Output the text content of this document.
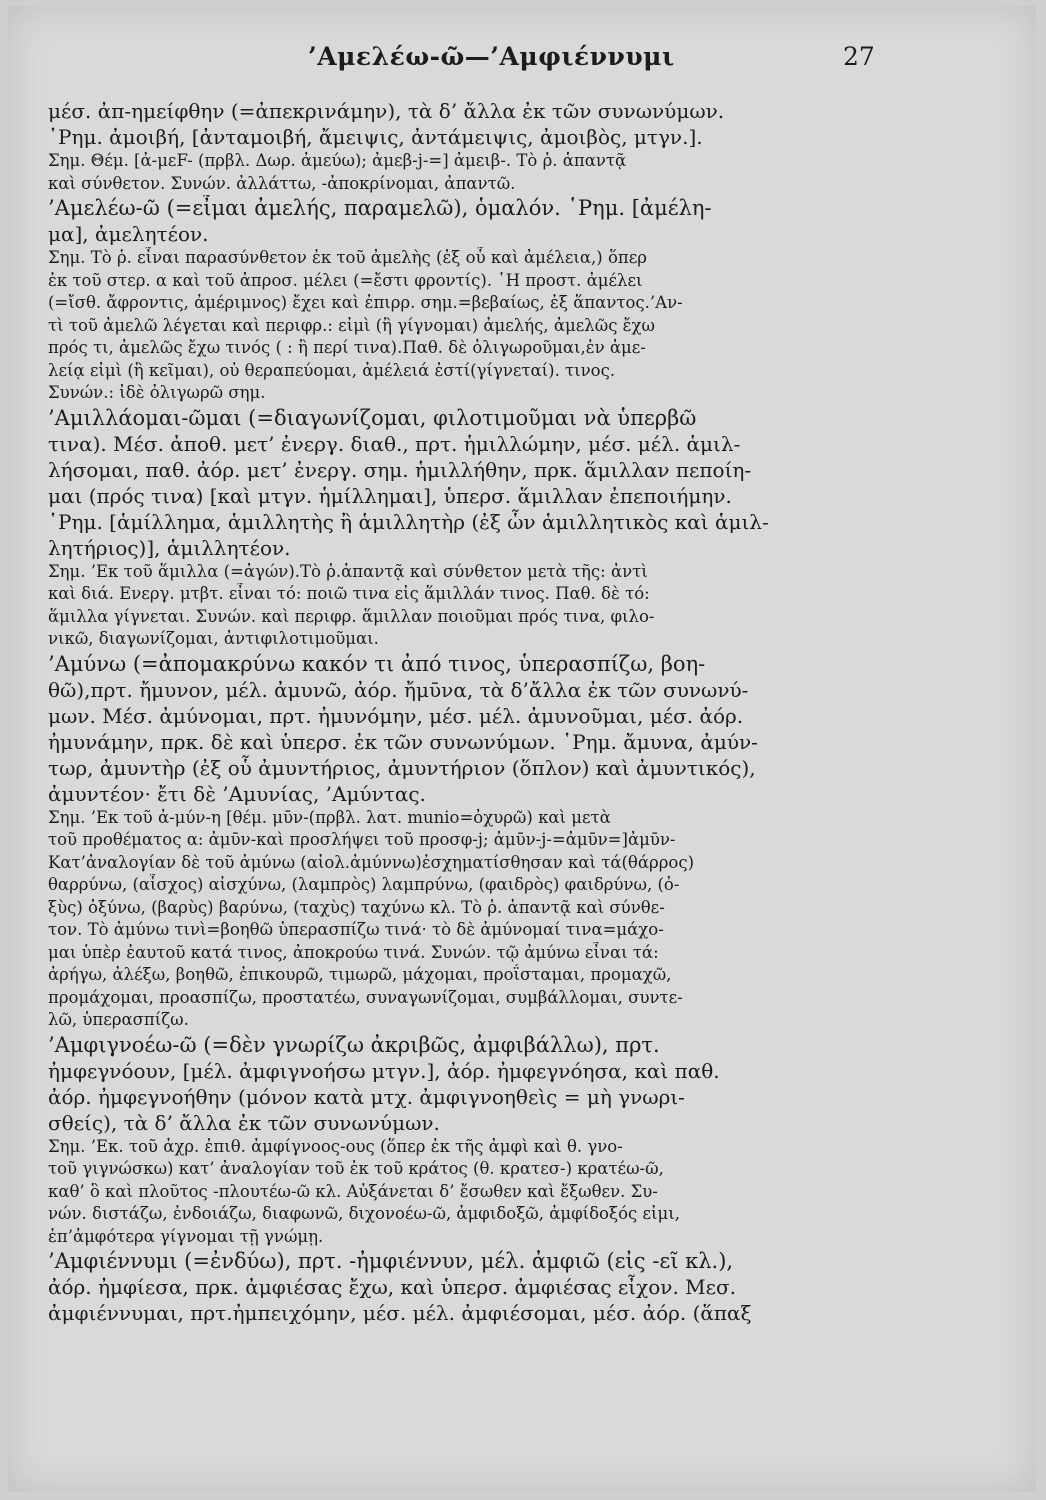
’Αμελέω-ῶ—’Αμφιέννυμι	27
μέσ. ἀπ-ημείφθην (=ἀπεκρινάμην), τὰ δ’ ἄλλα ἐκ τῶν συνωνύμων.
῾Ρημ. ἀμοιβή, [ἀνταμοιβή, ἄμειψις, ἀντάμειψις, ἀμοιβὸς, μτγν.].
Σημ. Θέμ. [ἀ-μεF- (πρβλ. Δωρ. ἀμεύω); ἀμεβ-j-=] ἀμειβ-. Τὸ ῥ. ἁπαντᾷ
καὶ σύνθετον. Συνών. ἀλλάττω, -ἀποκρίνομαι, ἀπαντῶ.
’Αμελέω-ῶ (=εἶμαι ἀμελής, παραμελῶ), ὁμαλόν. ῾Ρημ. [ἀμέλη-
μα], ἀμελητέον.
Σημ. Τὸ ῥ. εἶναι παρασύνθετον ἐκ τοῦ ἀμελὴς (ἐξ οὗ καὶ ἀμέλεια,) ὅπερ
ἐκ τοῦ στερ. α καὶ τοῦ ἀπροσ. μέλει (=ἔστι φροντίς). ῾Η προστ. ἀμέλει
(=ἴσθ. ἄφροντις, ἀμέριμνος) ἔχει καὶ ἐπιρρ. σημ.=βεβαίως, ἐξ ἅπαντος.’Αν-
τὶ τοῦ ἀμελῶ λέγεται καὶ περιφρ.: εἰμὶ (ἢ γίγνομαι) ἀμελής, ἀμελῶς ἔχω
πρός τι, ἀμελῶς ἔχω τινός ( : ἢ περί τινα).Παθ. δὲ ὀλιγωροῦμαι,ἐν ἀμε-
λείᾳ εἰμὶ (ἢ κεῖμαι), οὐ θεραπεύομαι, ἀμέλειά ἐστί(γίγνεταί). τινος.
Συνών.: ἰδὲ ὀλιγωρῶ σημ.
’Αμιλλάομαι-ῶμαι (=διαγωνίζομαι, φιλοτιμοῦμαι νὰ ὑπερβῶ
τινα). Μέσ. ἀποθ. μετ’ ἐνεργ. διαθ., πρτ. ἡμιλλώμην, μέσ. μέλ. ἁμιλ-
λήσομαι, παθ. ἀόρ. μετ’ ἐνεργ. σημ. ἡμιλλήθην, πρκ. ἅμιλλαν πεποίη-
μαι (πρός τινα) [καὶ μτγν. ἡμίλλημαι], ὑπερσ. ἅμιλλαν ἐπεποιήμην.
῾Ρημ. [ἁμίλλημα, ἁμιλλητὴς ἢ ἁμιλλητὴρ (ἐξ ὧν ἁμιλλητικὸς καὶ ἁμιλ-
λητήριος)], ἁμιλλητέον.
Σημ. ’Εκ τοῦ ἅμιλλα (=ἀγών).Τὸ ῥ.ἁπαντᾷ καὶ σύνθετον μετὰ τῆς: ἀντὶ
καὶ διά. Ενεργ. μτβτ. εἶναι τό: ποιῶ τινα εἰς ἅμιλλάν τινος. Παθ. δὲ τό:
ἅμιλλα γίγνεται. Συνών. καὶ περιφρ. ἅμιλλαν ποιοῦμαι πρός τινα, φιλο-
νικῶ, διαγωνίζομαι, ἀντιφιλοτιμοῦμαι.
’Αμύνω (=ἀπομακρύνω κακόν τι ἀπό τινος, ὑπερασπίζω, βοη-
θῶ),πρτ. ἤμυνον, μέλ. ἀμυνῶ, ἀόρ. ἤμῡνα, τὰ δ’ἄλλα ἐκ τῶν συνωνύ-
μων. Μέσ. ἀμύνομαι, πρτ. ἠμυνόμην, μέσ. μέλ. ἀμυνοῦμαι, μέσ. ἀόρ.
ἠμυνάμην, πρκ. δὲ καὶ ὑπερσ. ἐκ τῶν συνωνύμων. ῾Ρημ. ἄμυνα, ἀμύν-
τωρ, ἀμυντὴρ (ἐξ οὗ ἀμυντήριος, ἀμυντήριον (ὅπλον) καὶ ἀμυντικός),
ἀμυντέον· ἔτι δὲ ’Αμυνίας, ’Αμύντας.
Σημ. ’Εκ τοῦ ἀ-μύν-η [θέμ. μῡν-(πρβλ. λατ. munio=ὀχυρῶ) καὶ μετὰ
τοῦ προθέματος α: ἀμῡν-καὶ προσλήψει τοῦ προσφ-j; ἀμῡν-j-=ἀμῡν=]ἀμῡν-
Κατ’ἀναλογίαν δὲ τοῦ ἀμύνω (αἰολ.ἀμύννω)ἐσχηματίσθησαν καὶ τά(θάρρος)
θαρρύνω, (αἶσχος) αἰσχύνω, (λαμπρὸς) λαμπρύνω, (φαιδρὸς) φαιδρύνω, (ὀ-
ξὺς) ὀξύνω, (βαρὺς) βαρύνω, (ταχὺς) ταχύνω κλ. Τὸ ῥ. ἁπαντᾷ καὶ σύνθε-
τον. Τὸ ἀμύνω τινὶ=βοηθῶ ὑπερασπίζω τινά· τὸ δὲ ἀμύνομαί τινα=μάχο-
μαι ὑπὲρ ἑαυτοῦ κατά τινος, ἀποκρούω τινά. Συνών. τῷ ἀμύνω εἶναι τά:
ἀρήγω, ἀλέξω, βοηθῶ, ἐπικουρῶ, τιμωρῶ, μάχομαι, προΐσταμαι, προμαχῶ,
προμάχομαι, προασπίζω, προστατέω, συναγωνίζομαι, συμβάλλομαι, συντε-
λῶ, ὑπερασπίζω.
’Αμφιγνοέω-ῶ (=δὲν γνωρίζω ἀκριβῶς, ἀμφιβάλλω), πρτ.
ἠμφεγνόουν, [μέλ. ἀμφιγνοήσω μτγν.], ἀόρ. ἠμφεγνόησα, καὶ παθ.
ἀόρ. ἠμφεγνοήθην (μόνον κατὰ μτχ. ἀμφιγνοηθεὶς = μὴ γνωρι-
σθείς), τὰ δ’ ἄλλα ἐκ τῶν συνωνύμων.
Σημ. ’Εκ. τοῦ ἀχρ. ἐπιθ. ἀμφίγνοος-ους (ὅπερ ἐκ τῆς ἀμφὶ καὶ θ. γνο-
τοῦ γιγνώσκω) κατ’ ἀναλογίαν τοῦ ἐκ τοῦ κράτος (θ. κρατεσ-) κρατέω-ῶ,
καθ’ ὃ καὶ πλοῦτος -πλουτέω-ῶ κλ. Αὐξάνεται δ’ ἔσωθεν καὶ ἔξωθεν. Συ-
νών. διστάζω, ἐνδοιάζω, διαφωνῶ, διχονοέω-ῶ, ἀμφιδοξῶ, ἀμφίδοξός εἰμι,
ἐπ’ἀμφότερα γίγνομαι τῇ γνώμῃ.
’Αμφιέννυμι (=ἐνδύω), πρτ. -ἠμφιέννυν, μέλ. ἀμφιῶ (εἰς -εῖ κλ.),
ἀόρ. ἠμφίεσα, πρκ. ἀμφιέσας ἔχω, καὶ ὑπερσ. ἀμφιέσας εἶχον. Μεσ.
ἀμφιέννυμαι, πρτ.ἠμπειχόμην, μέσ. μέλ. ἀμφιέσομαι, μέσ. ἀόρ. (ἅπαξ
